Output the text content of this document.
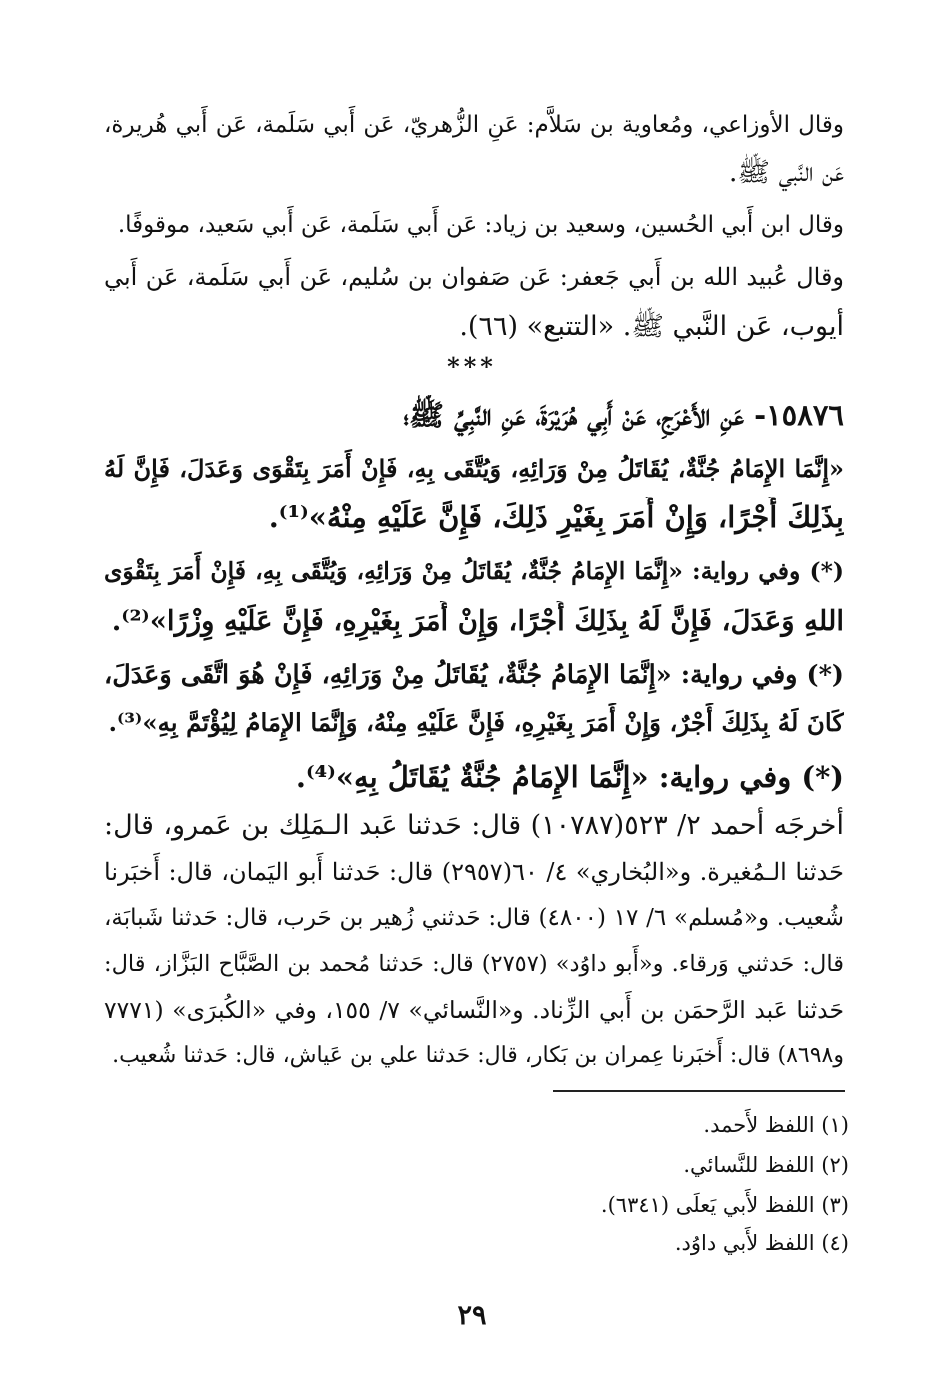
وقال الأوزاعي، ومُعاوية بن سَلاَّم: عَنِ الزُّهريّ، عَن أَبي سَلَمة، عَن أَبي هُريرة،
عَن النَّبي ﷺ.
وقال ابن أَبي الحُسين، وسعيد بن زياد: عَن أَبي سَلَمة، عَن أَبي سَعيد، موقوفًا.
وقال عُبيد الله بن أَبي جَعفر: عَن صَفوان بن سُليم، عَن أَبي سَلَمة، عَن أَبي
أيوب، عَن النَّبي ﷺ. «التتبع» (٦٦).
***
١٥٨٧٦- عَنِ الأَعْرَجِ، عَنْ أَبِي هُرَيْرَةَ، عَنِ النَّبِيِّ ﷺ؛
«إِنَّمَا الإِمَامُ جُنَّةٌ، يُقَاتَلُ مِنْ وَرَائِهِ، وَيُتَّقَى بِهِ، فَإِنْ أَمَرَ بِتَقْوَى وَعَدَلَ، فَإِنَّ لَهُ
بِذَلِكَ أَجْرًا، وَإِنْ أَمَرَ بِغَيْرِ ذَلِكَ، فَإِنَّ عَلَيْهِ مِنْهُ»⁽¹⁾.
(*) وفي رواية: «إِنَّمَا الإِمَامُ جُنَّةٌ، يُقَاتَلُ مِنْ وَرَائِهِ، وَيُتَّقَى بِهِ، فَإِنْ أَمَرَ بِتَقْوَى
اللهِ وَعَدَلَ، فَإِنَّ لَهُ بِذَلِكَ أَجْرًا، وَإِنْ أَمَرَ بِغَيْرِهِ، فَإِنَّ عَلَيْهِ وِزْرًا»⁽²⁾.
(*) وفي رواية: «إِنَّمَا الإِمَامُ جُنَّةٌ، يُقَاتَلُ مِنْ وَرَائِهِ، فَإِنْ هُوَ اتَّقَى وَعَدَلَ،
كَانَ لَهُ بِذَلِكَ أَجْرٌ، وَإِنْ أَمَرَ بِغَيْرِهِ، فَإِنَّ عَلَيْهِ مِنْهُ، وَإِنَّمَا الإِمَامُ لِيُؤْتَمَّ بِهِ»⁽³⁾.
(*) وفي رواية: «إِنَّمَا الإِمَامُ جُنَّةٌ يُقَاتَلُ بِهِ»⁽⁴⁾.
أخرجَه أحمد ٢/ ٥٢٣(١٠٧٨٧) قال: حَدثنا عَبد الـمَلِك بن عَمرو، قال:
حَدثنا الـمُغيرة. و«البُخاري» ٤/ ٦٠(٢٩٥٧) قال: حَدثنا أَبو اليَمان، قال: أَخبَرنا
شُعيب. و«مُسلم» ٦/ ١٧ (٤٨٠٠) قال: حَدثني زُهير بن حَرب، قال: حَدثنا شَبابَة،
قال: حَدثني وَرقاء. و«أَبو داوُد» (٢٧٥٧) قال: حَدثنا مُحمد بن الصَّبَّاح البَزَّاز، قال:
حَدثنا عَبد الرَّحمَن بن أَبي الزِّناد. و«النَّسائي» ٧/ ١٥٥، وفي «الكُبرَى» (٧٧٧١
و٨٦٩٨) قال: أَخبَرنا عِمران بن بَكار، قال: حَدثنا علي بن عَياش، قال: حَدثنا شُعيب.
(١) اللفظ لأَحمد.
(٢) اللفظ للنَّسائي.
(٣) اللفظ لأَبي يَعلَى (٦٣٤١).
(٤) اللفظ لأَبي داوُد.
٢٩
